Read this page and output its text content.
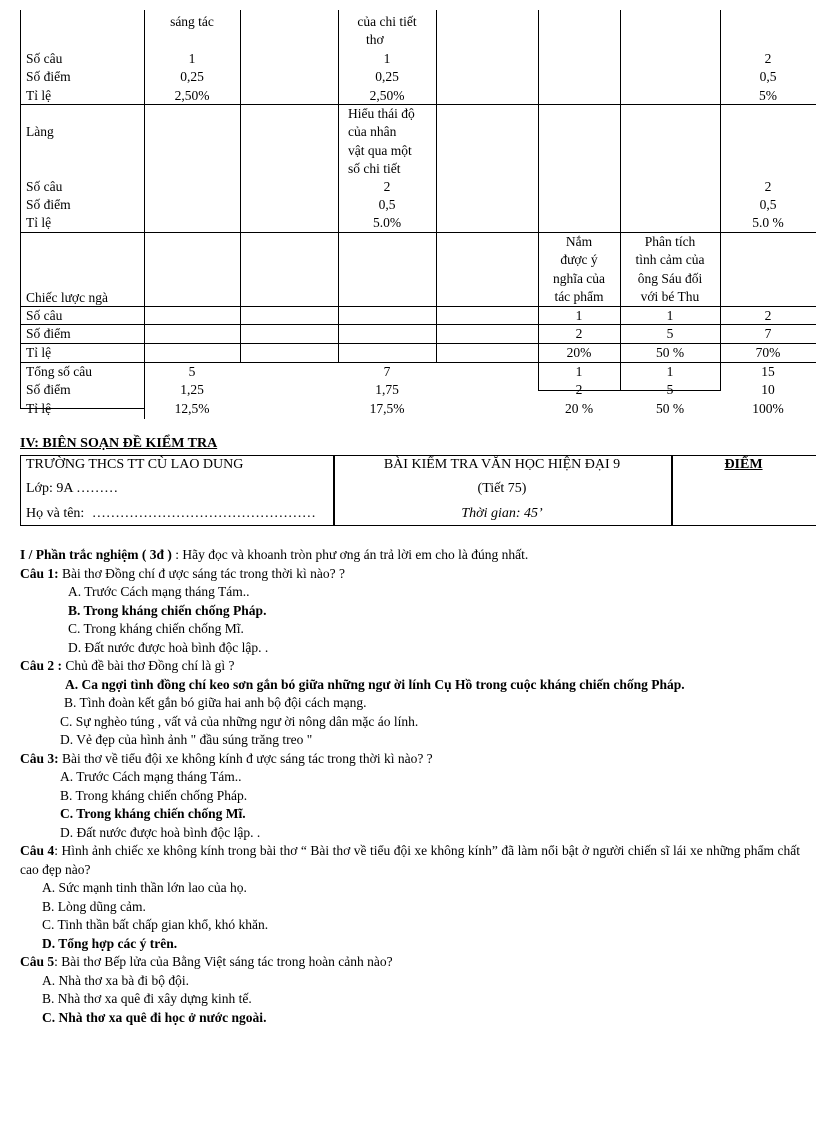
sáng tác	của chi tiết
thơ
Số câu
Số điểm
Tỉ lệ
1
0,25
2,50%
1
0,25
2,50%
2
0,5
5%
Làng
Hiểu thái độ
của nhân
vật qua một
số chi tiết
Số câu
Số điểm
Tỉ lệ
2
0,5
5.0%
2
0,5
5.0 %
Nắm
được ý
nghĩa của
tác phẩm
Phân tích
tình cảm của
ông Sáu đối
với bé Thu
Chiếc lược ngà
Số câu
Số điểm
Tỉ lệ
1
2
20%
1
5
50 %
2
7
70%
Tổng số câu
Số điểm
Tỉ lệ
5
1,25
12,5%
7
1,75
17,5%
1
2
20 %
1
5
50 %
15
10
100%
IV: BIÊN SOẠN ĐỀ KIỂM TRA
TRƯỜNG THCS TT CÙ LAO DUNG
Lớp: 9A ………
Họ và tên: …………………………………………
BÀI KIỂM TRA VĂN HỌC HIỆN ĐẠI 9
(Tiết 75)
Thời gian: 45’
ĐIỂM
I / Phần trắc nghiệm ( 3đ ) : Hãy đọc và khoanh tròn phư ơng án trả lời em cho là đúng nhất.
Câu 1: Bài thơ Đồng chí đ ược sáng tác trong thời kì nào? ?
A. Trước Cách mạng tháng Tám..
B. Trong kháng chiến chống Pháp.
C. Trong kháng chiến chống Mĩ.
D. Đất nước được hoà bình độc lập. .
Câu 2 : Chủ đề bài thơ Đồng chí là gì ?
A. Ca ngợi tình đồng chí keo sơn gắn bó giữa những ngư ời lính Cụ Hồ trong cuộc kháng chiến chống Pháp.
B. Tình đoàn kết gắn bó giữa hai anh bộ đội cách mạng.
C. Sự nghèo túng , vất vả của những ngư ời nông dân mặc áo lính.
D. Vẻ đẹp của hình ảnh " đầu súng trăng treo "
Câu 3: Bài thơ về tiểu đội xe không kính đ ược sáng tác trong thời kì nào? ?
A. Trước Cách mạng tháng Tám..
B. Trong kháng chiến chống Pháp.
C. Trong kháng chiến chống Mĩ.
D. Đất nước được hoà bình độc lập. .
Câu 4: Hình ảnh chiếc xe không kính trong bài thơ “ Bài thơ về tiểu đội xe không kính” đã làm nổi bật ở người chiến sĩ lái xe những phẩm chất cao đẹp nào?
A. Sức mạnh tinh thần lớn lao của họ.
B. Lòng dũng cảm.
C. Tinh thần bất chấp gian khổ, khó khăn.
D. Tổng hợp các ý trên.
Câu 5: Bài thơ Bếp lửa của Bằng Việt sáng tác trong hoàn cảnh nào?
A. Nhà thơ xa bà đi bộ đội.
B. Nhà thơ xa quê đi xây dựng kinh tế.
C. Nhà thơ xa quê đi học ở nước ngoài.
